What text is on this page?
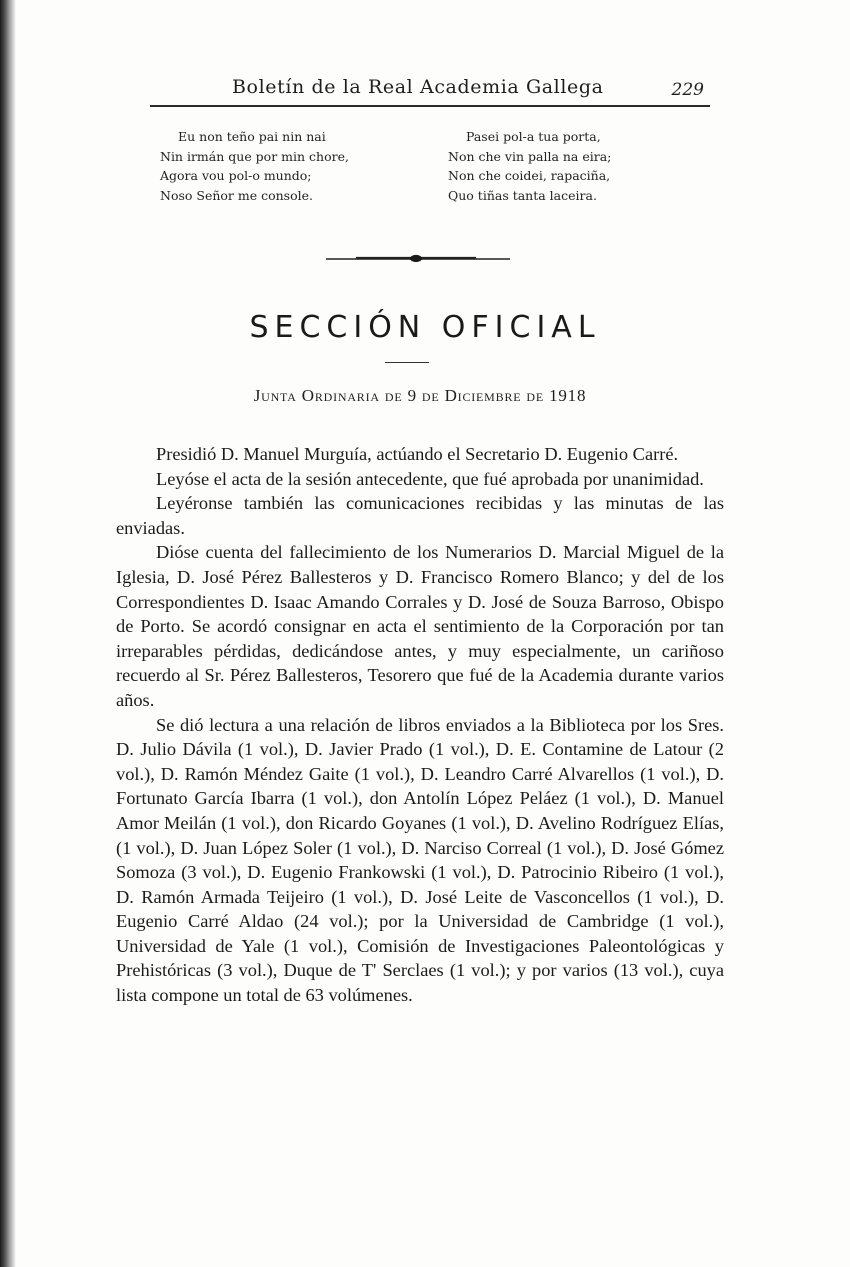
Boletín de la Real Academia Gallega	229
Eu non teño pai nin nai
Nin irmán que por min chore,
Agora vou pol-o mundo;
Noso Señor me console.
Pasei pol-a tua porta,
Non che vin palla na eira;
Non che coidei, rapaciña,
Quo tiñas tanta laceira.
SECCIÓN OFICIAL
Junta Ordinaria de 9 de Diciembre de 1918

Presidió D. Manuel Murguía, actúando el Secretario D. Eugenio Carré.

Leyóse el acta de la sesión antecedente, que fué aprobada por unanimidad.

Leyéronse también las comunicaciones recibidas y las minutas de las enviadas.

Dióse cuenta del fallecimiento de los Numerarios D. Marcial Miguel de la Iglesia, D. José Pérez Ballesteros y D. Francisco Romero Blanco; y del de los Correspondientes D. Isaac Amando Corrales y D. José de Souza Barroso, Obispo de Porto. Se acordó consignar en acta el sentimiento de la Corporación por tan irreparables pérdidas, dedicándose antes, y muy especialmente, un cariñoso recuerdo al Sr. Pérez Ballesteros, Tesorero que fué de la Academia durante varios años.

Se dió lectura a una relación de libros enviados a la Biblioteca por los Sres. D. Julio Dávila (1 vol.), D. Javier Prado (1 vol.), D. E. Contamine de Latour (2 vol.), D. Ramón Méndez Gaite (1 vol.), D. Leandro Carré Alvarellos (1 vol.), D. Fortunato García Ibarra (1 vol.), don Antolín López Peláez (1 vol.), D. Manuel Amor Meilán (1 vol.), don Ricardo Goyanes (1 vol.), D. Avelino Rodríguez Elías, (1 vol.), D. Juan López Soler (1 vol.), D. Narciso Correal (1 vol.), D. José Gómez Somoza (3 vol.), D. Eugenio Frankowski (1 vol.), D. Patrocinio Ribeiro (1 vol.), D. Ramón Armada Teijeiro (1 vol.), D. José Leite de Vasconcellos (1 vol.), D. Eugenio Carré Aldao (24 vol.); por la Universidad de Cambridge (1 vol.), Universidad de Yale (1 vol.), Comisión de Investigaciones Paleontológicas y Prehistóricas (3 vol.), Duque de T' Serclaes (1 vol.); y por varios (13 vol.), cuya lista compone un total de 63 volúmenes.
